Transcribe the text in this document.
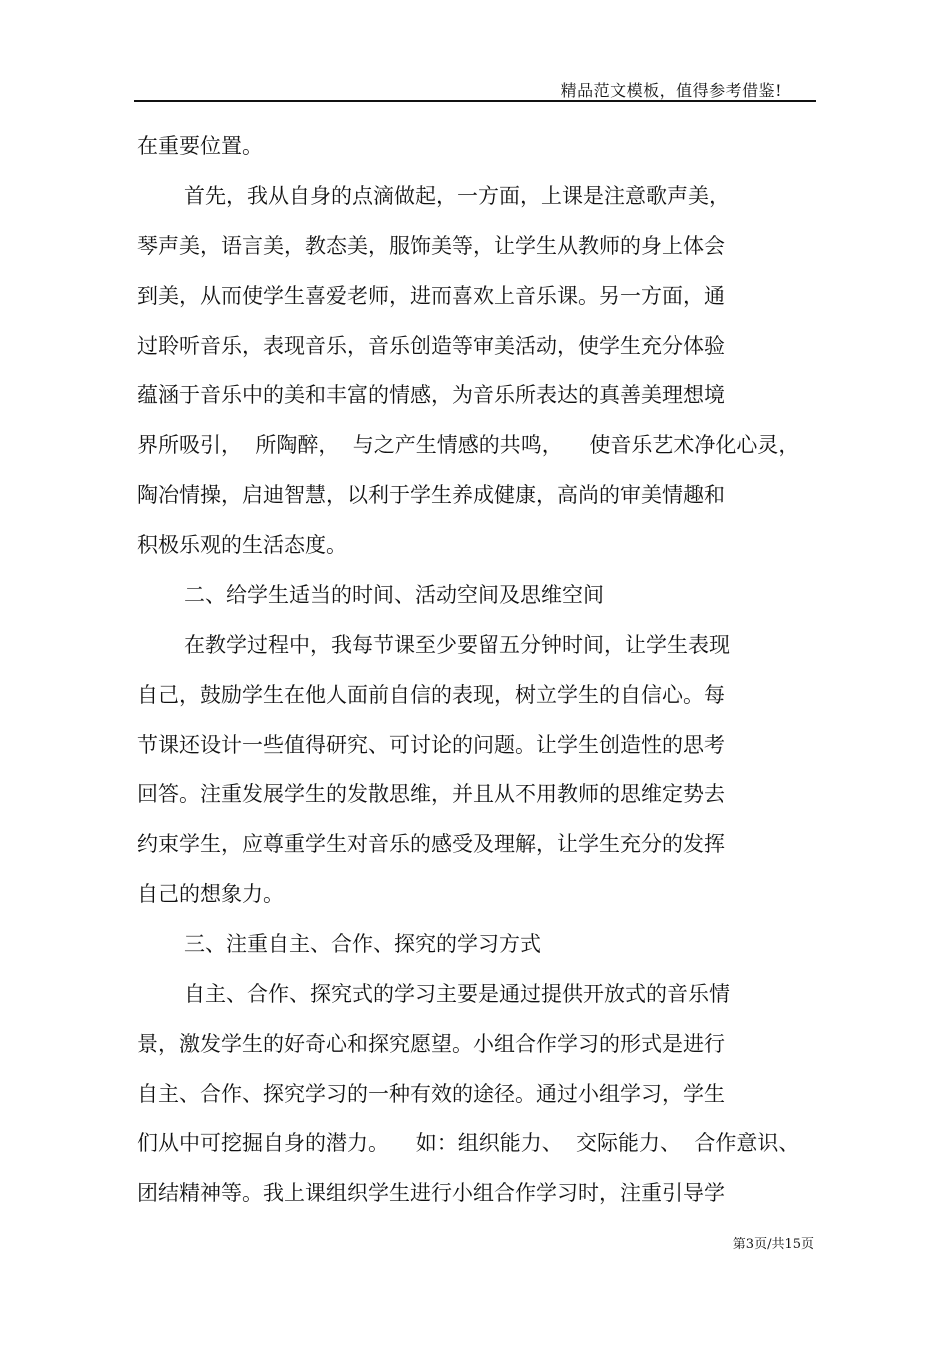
精品范文模板，值得参考借鉴!
在重要位置。
首先，我从自身的点滴做起，一方面，上课是注意歌声美，
琴声美，语言美，教态美，服饰美等，让学生从教师的身上体会
到美，从而使学生喜爱老师，进而喜欢上音乐课。另一方面，通
过聆听音乐，表现音乐，音乐创造等审美活动，使学生充分体验
蕴涵于音乐中的美和丰富的情感，为音乐所表达的真善美理想境
界所吸引，  所陶醉，  与之产生情感的共鸣，    使音乐艺术净化心灵，
陶冶情操，启迪智慧，以利于学生养成健康，高尚的审美情趣和
积极乐观的生活态度。
二、给学生适当的时间、活动空间及思维空间
在教学过程中，我每节课至少要留五分钟时间，让学生表现
自己，鼓励学生在他人面前自信的表现，树立学生的自信心。每
节课还设计一些值得研究、可讨论的问题。让学生创造性的思考
回答。注重发展学生的发散思维，并且从不用教师的思维定势去
约束学生，应尊重学生对音乐的感受及理解，让学生充分的发挥
自己的想象力。
三、注重自主、合作、探究的学习方式
自主、合作、探究式的学习主要是通过提供开放式的音乐情
景，激发学生的好奇心和探究愿望。小组合作学习的形式是进行
自主、合作、探究学习的一种有效的途径。通过小组学习，学生
们从中可挖掘自身的潜力。    如：组织能力、  交际能力、  合作意识、
团结精神等。我上课组织学生进行小组合作学习时，注重引导学
第3页/共15页
